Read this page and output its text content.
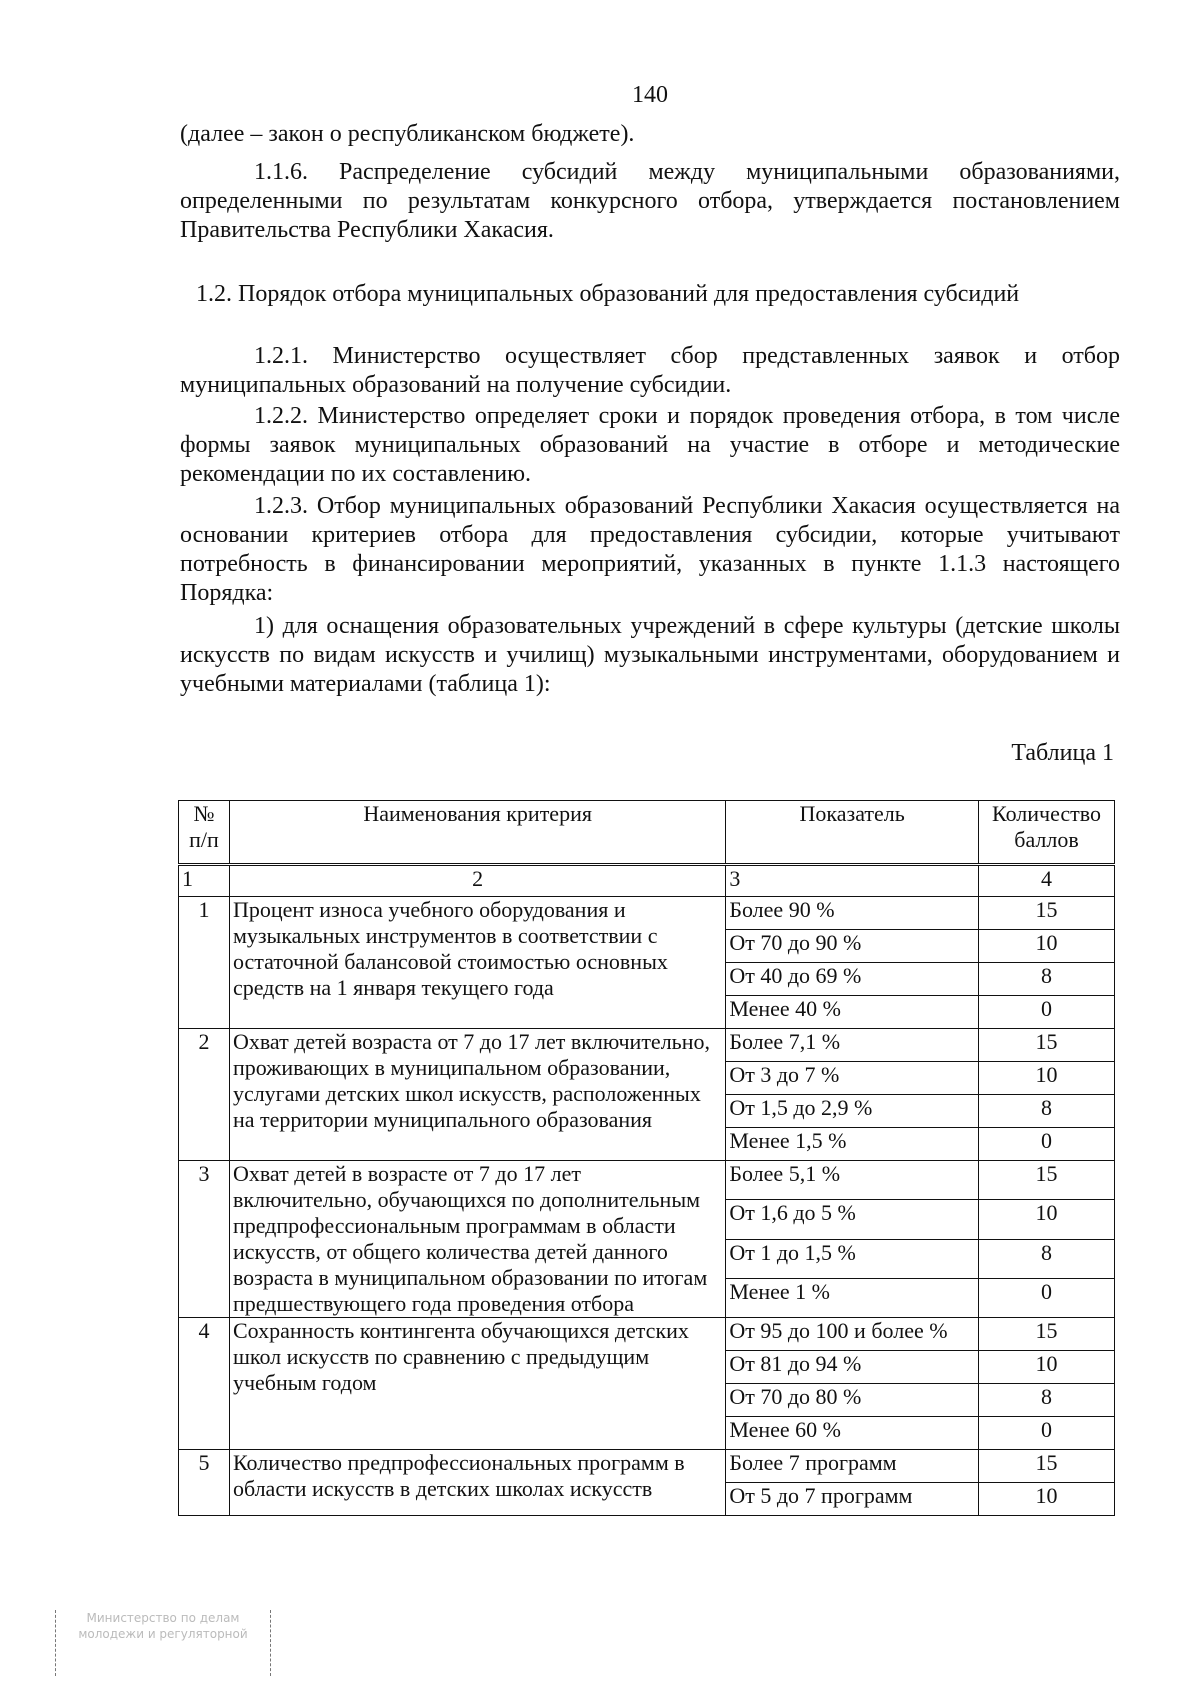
140

(далее – закон о республиканском бюджете).

1.1.6. Распределение субсидий между муниципальными образованиями, определенными по результатам конкурсного отбора, утверждается постановлением Правительства Республики Хакасия.

1.2. Порядок отбора муниципальных образований для предоставления субсидий

1.2.1. Министерство осуществляет сбор представленных заявок и отбор муниципальных образований на получение субсидии.

1.2.2. Министерство определяет сроки и порядок проведения отбора, в том числе формы заявок муниципальных образований на участие в отборе и методические рекомендации по их составлению.

1.2.3. Отбор муниципальных образований Республики Хакасия осуществляется на основании критериев отбора для предоставления субсидии, которые учитывают потребность в финансировании мероприятий, указанных в пункте 1.1.3 настоящего Порядка:

1) для оснащения образовательных учреждений в сфере культуры (детские школы искусств по видам искусств и училищ) музыкальными инструментами, оборудованием и учебными материалами (таблица 1):

Таблица 1
№ п/п	Наименования критерия	Показатель	Количество баллов
1	2	3	4
1	Процент износа учебного оборудования и музыкальных инструментов в соответствии с остаточной балансовой стоимостью основных средств на 1 января текущего года	Более 90 %	15
		От 70 до 90 %	10
		От 40 до 69 %	8
		Менее 40 %	0
2	Охват детей возраста от 7 до 17 лет включительно, проживающих в муниципальном образовании, услугами детских школ искусств, расположенных на территории муниципального образования	Более 7,1 %	15
		От 3 до 7 %	10
		От 1,5 до 2,9 %	8
		Менее 1,5 %	0
3	Охват детей в возрасте от 7 до 17 лет включительно, обучающихся по дополнительным предпрофессиональным программам в области искусств, от общего количества детей данного возраста в муниципальном образовании по итогам предшествующего года проведения отбора	Более 5,1 %	15
		От 1,6 до 5 %	10
		От 1 до 1,5 %	8
		Менее 1 %	0
4	Сохранность контингента обучающихся детских школ искусств по сравнению с предыдущим учебным годом	От 95 до 100 и более %	15
		От 81 до 94 %	10
		От 70 до 80 %	8
		Менее 60 %	0
5	Количество предпрофессиональных программ в области искусств в детских школах искусств	Более 7 программ	15
		От 5 до 7 программ	10
Министерство по делам
молодежи и регуляторной
